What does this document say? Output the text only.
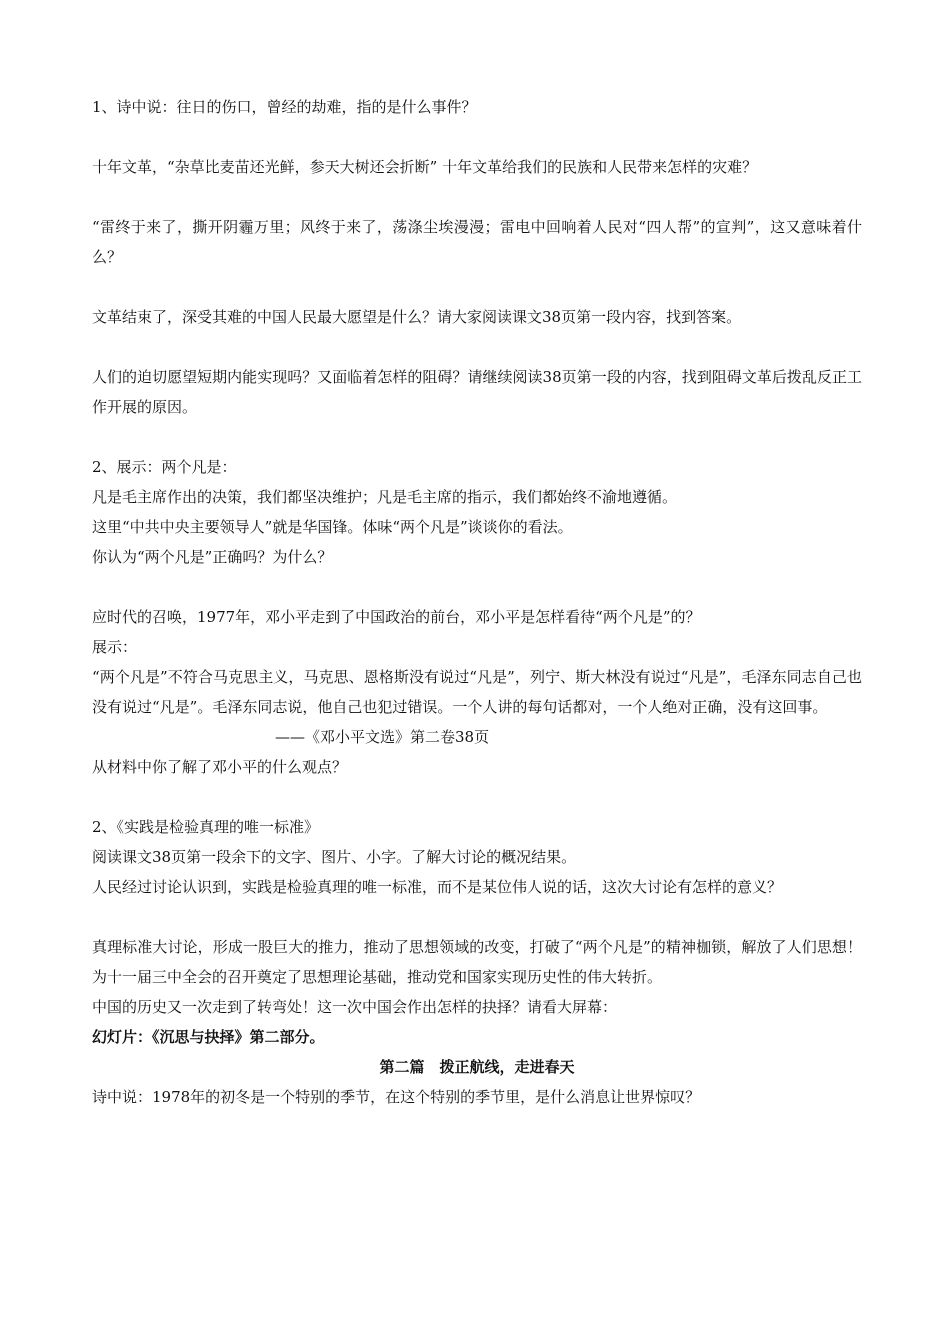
1、诗中说：往日的伤口，曾经的劫难，指的是什么事件？

十年文革，“杂草比麦苗还光鲜，参天大树还会折断” 十年文革给我们的民族和人民带来怎样的灾难？

“雷终于来了，撕开阴霾万里；风终于来了，荡涤尘埃漫漫；雷电中回响着人民对“四人帮”的宣判”，这又意味着什么？

文革结束了，深受其难的中国人民最大愿望是什么？请大家阅读课文38页第一段内容，找到答案。

人们的迫切愿望短期内能实现吗？又面临着怎样的阻碍？请继续阅读38页第一段的内容，找到阻碍文革后拨乱反正工作开展的原因。

2、展示：两个凡是：

凡是毛主席作出的决策，我们都坚决维护；凡是毛主席的指示，我们都始终不渝地遵循。

这里“中共中央主要领导人”就是华国锋。体味“两个凡是”谈谈你的看法。

你认为“两个凡是”正确吗？为什么？

应时代的召唤，1977年，邓小平走到了中国政治的前台，邓小平是怎样看待“两个凡是”的？

展示：

“两个凡是”不符合马克思主义，马克思、恩格斯没有说过“凡是”，列宁、斯大林没有说过“凡是”，毛泽东同志自己也没有说过“凡是”。毛泽东同志说，他自己也犯过错误。一个人讲的每句话都对，一个人绝对正确，没有这回事。

——《邓小平文选》第二卷38页

从材料中你了解了邓小平的什么观点？

2、《实践是检验真理的唯一标准》

阅读课文38页第一段余下的文字、图片、小字。了解大讨论的概况结果。

人民经过讨论认识到，实践是检验真理的唯一标准，而不是某位伟人说的话，这次大讨论有怎样的意义？

真理标准大讨论，形成一股巨大的推力，推动了思想领域的改变，打破了“两个凡是”的精神枷锁，解放了人们思想！为十一届三中全会的召开奠定了思想理论基础，推动党和国家实现历史性的伟大转折。

中国的历史又一次走到了转弯处！这一次中国会作出怎样的抉择？请看大屏幕：

幻灯片：《沉思与抉择》第二部分。

第二篇　拨正航线，走进春天

诗中说：1978年的初冬是一个特别的季节，在这个特别的季节里，是什么消息让世界惊叹？
